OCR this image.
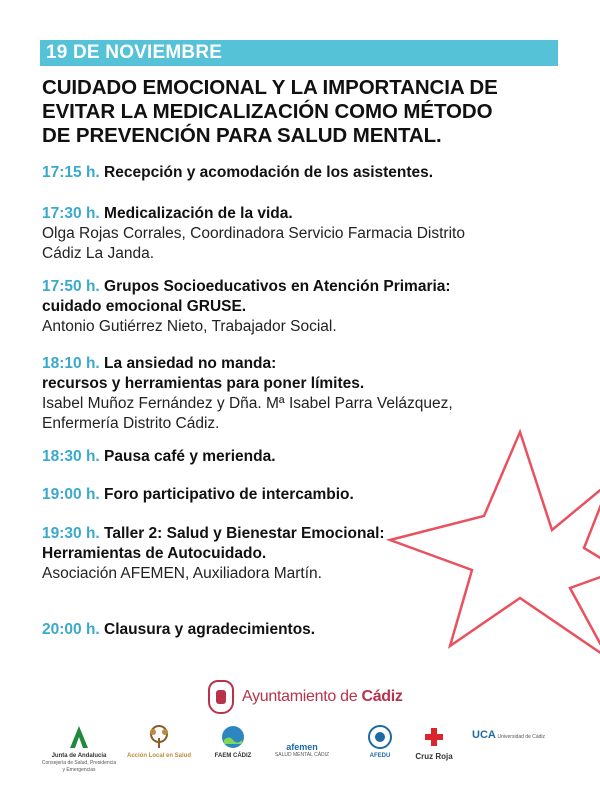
19 DE NOVIEMBRE
CUIDADO EMOCIONAL Y LA IMPORTANCIA DE
EVITAR LA MEDICALIZACIÓN COMO MÉTODO
DE PREVENCIÓN PARA SALUD MENTAL.
17:15 h. Recepción y acomodación de los asistentes.
17:30 h. Medicalización de la vida.
Olga Rojas Corrales, Coordinadora Servicio Farmacia Distrito
Cádiz La Janda.
17:50 h. Grupos Socioeducativos en Atención Primaria:
cuidado emocional GRUSE.
Antonio Gutiérrez Nieto, Trabajador Social.
18:10 h. La ansiedad no manda:
recursos y herramientas para poner límites.
Isabel Muñoz Fernández y Dña. Mª Isabel Parra Velázquez,
Enfermería Distrito Cádiz.
18:30 h. Pausa café y merienda.
19:00 h. Foro participativo de intercambio.
19:30 h. Taller 2: Salud y Bienestar Emocional:
Herramientas de Autocuidado.
Asociación AFEMEN, Auxiliadora Martín.
20:00 h. Clausura y agradecimientos.
Ayuntamiento de Cádiz
Junta de Andalucía
Consejería de Salud, Presidencia y Emergencias
Acción Local en Salud	FAEM CÁDIZ
afemen
SALUD MENTAL CÁDIZ	AFEDU	Cruz Roja
UCA Universidad de Cádiz
